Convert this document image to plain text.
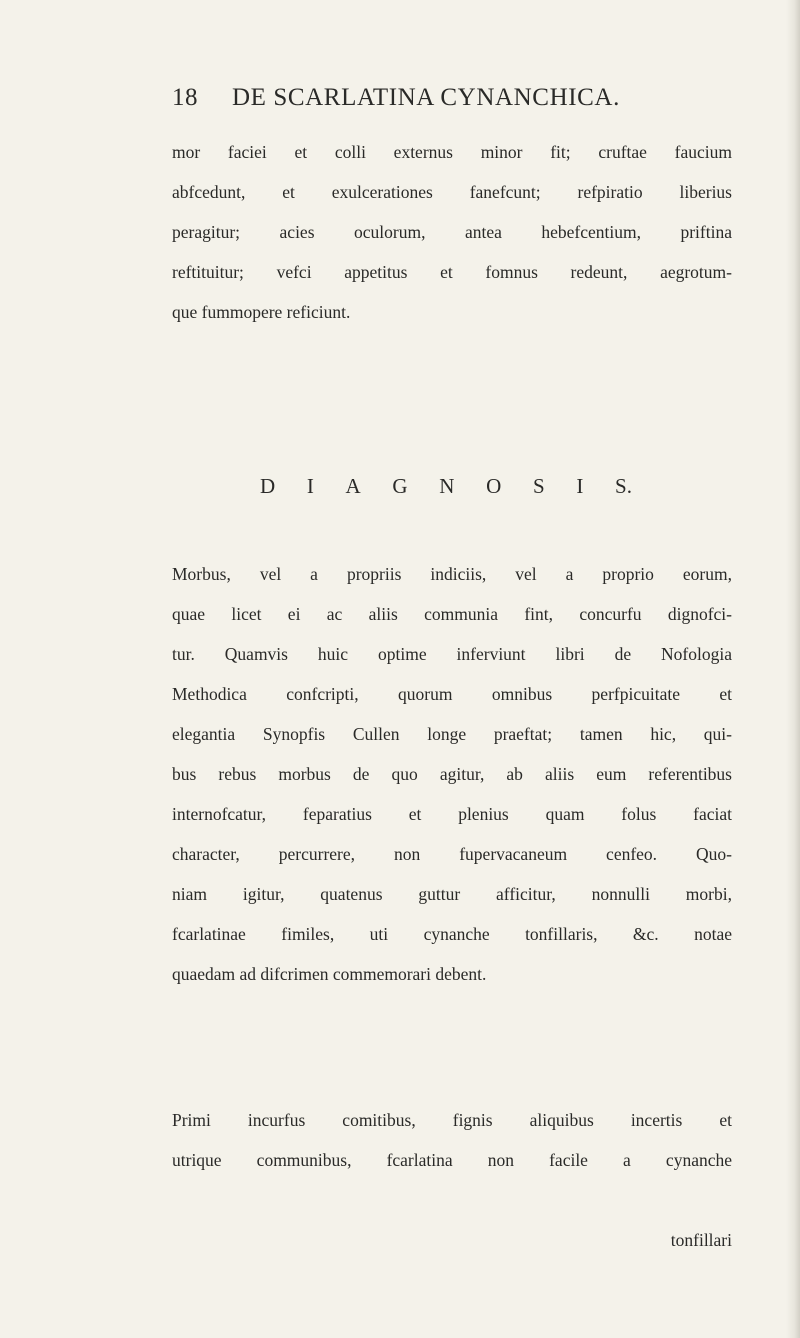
18 DE SCARLATINA CYNANCHICA.
mor faciei et colli externus minor fit; cruftae faucium
abfcedunt, et exulcerationes fanefcunt; refpiratio liberius
peragitur; acies oculorum, antea hebefcentium, priftina
reftituitur; vefci appetitus et fomnus redeunt, aegrotum-
que fummopere reficiunt.
D I A G N O S I S.
Morbus, vel a propriis indiciis, vel a proprio eorum,
quae licet ei ac aliis communia fint, concurfu dignofci-
tur. Quamvis huic optime inferviunt libri de Nofologia
Methodica confcripti, quorum omnibus perfpicuitate et
elegantia Synopfis Cullen longe praeftat; tamen hic, qui-
bus rebus morbus de quo agitur, ab aliis eum referentibus
internofcatur, feparatius et plenius quam folus faciat
character, percurrere, non fupervacaneum cenfeo. Quo-
niam igitur, quatenus guttur afficitur, nonnulli morbi,
fcarlatinae fimiles, uti cynanche tonfillaris, &c. notae
quaedam ad difcrimen commemorari debent.
Primi incurfus comitibus, fignis aliquibus incertis et
utrique communibus, fcarlatina non facile a cynanche
tonfillari
